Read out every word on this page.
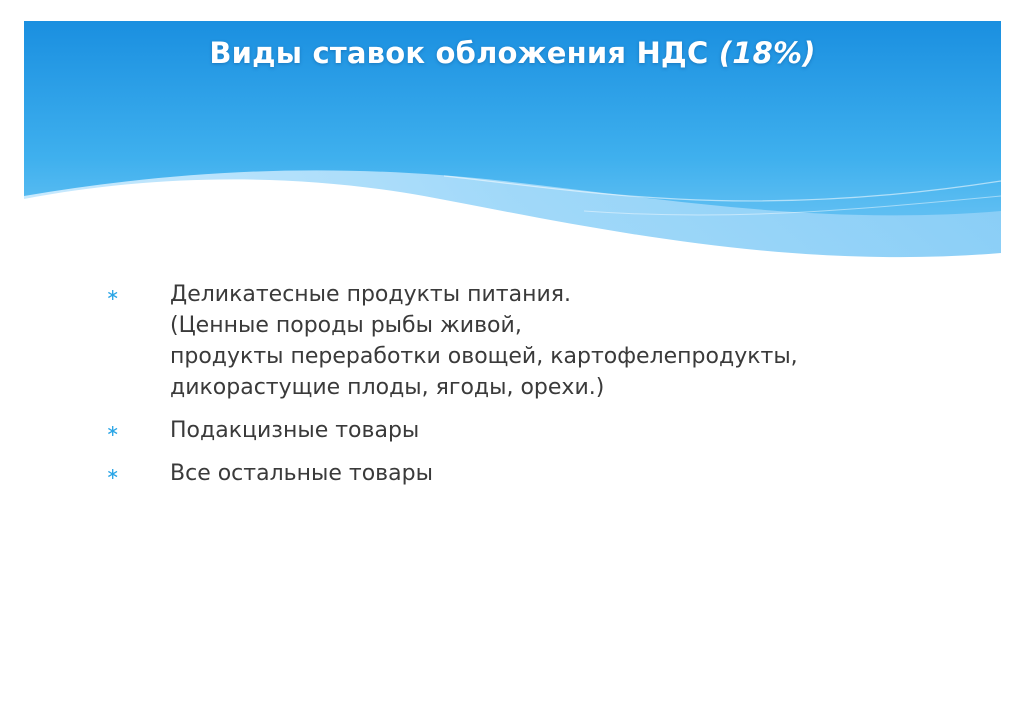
Виды ставок обложения НДС (18%)
∗ Деликатесные продукты питания.
(Ценные породы рыбы живой,
продукты переработки овощей, картофелепродукты,
дикорастущие плоды, ягоды, орехи.)
∗ Подакцизные товары
∗ Все остальные товары
